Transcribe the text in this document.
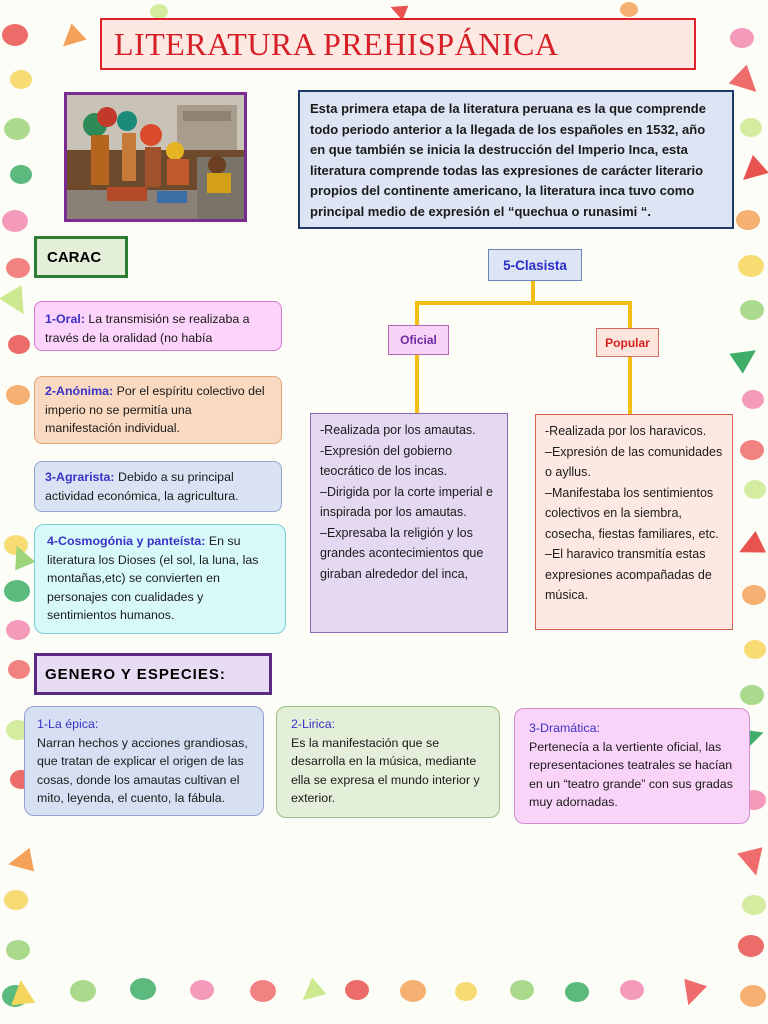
LITERATURA PREHISPÁNICA
Esta primera etapa de la literatura peruana es la que comprende todo periodo anterior a la llegada de los españoles en 1532, año en que también se inicia la destrucción del Imperio Inca, esta literatura comprende todas las expresiones de carácter literario propios del continente americano, la literatura inca tuvo como principal medio de expresión el “quechua o runasimi “.
CARAC
1-Oral: La transmisión se realizaba a través de la oralidad (no había
2-Anónima: Por el espíritu colectivo del imperio no se permitía una manifestación individual.
3-Agrarista: Debido a su principal actividad económica, la agricultura.
4-Cosmogónia y panteísta: En su literatura los Dioses (el sol, la luna, las montañas,etc) se convierten en personajes con cualidades y sentimientos humanos.
5-Clasista
Oficial	Popular
-Realizada por los amautas.
-Expresión del gobierno teocrático de los incas.
–Dirigida por la corte imperial e inspirada por los amautas.
–Expresaba la religión y los grandes acontecimientos que giraban alrededor del inca,
-Realizada por los haravicos.
–Expresión de las comunidades o ayllus.
–Manifestaba los sentimientos colectivos en la siembra, cosecha, fiestas familiares, etc.
–El haravico transmitía estas expresiones acompañadas de música.
GENERO Y ESPECIES:
1-La épica:
Narran hechos y acciones grandiosas, que tratan de explicar el origen de las cosas, donde los amautas cultivan el mito, leyenda, el cuento, la fábula.
2-Lirica:
Es la manifestación que se desarrolla en la música, mediante ella se expresa el mundo interior y exterior.
3-Dramática:
Pertenecía a la vertiente oficial, las representaciones teatrales se hacían en un “teatro grande” con sus gradas muy adornadas.
